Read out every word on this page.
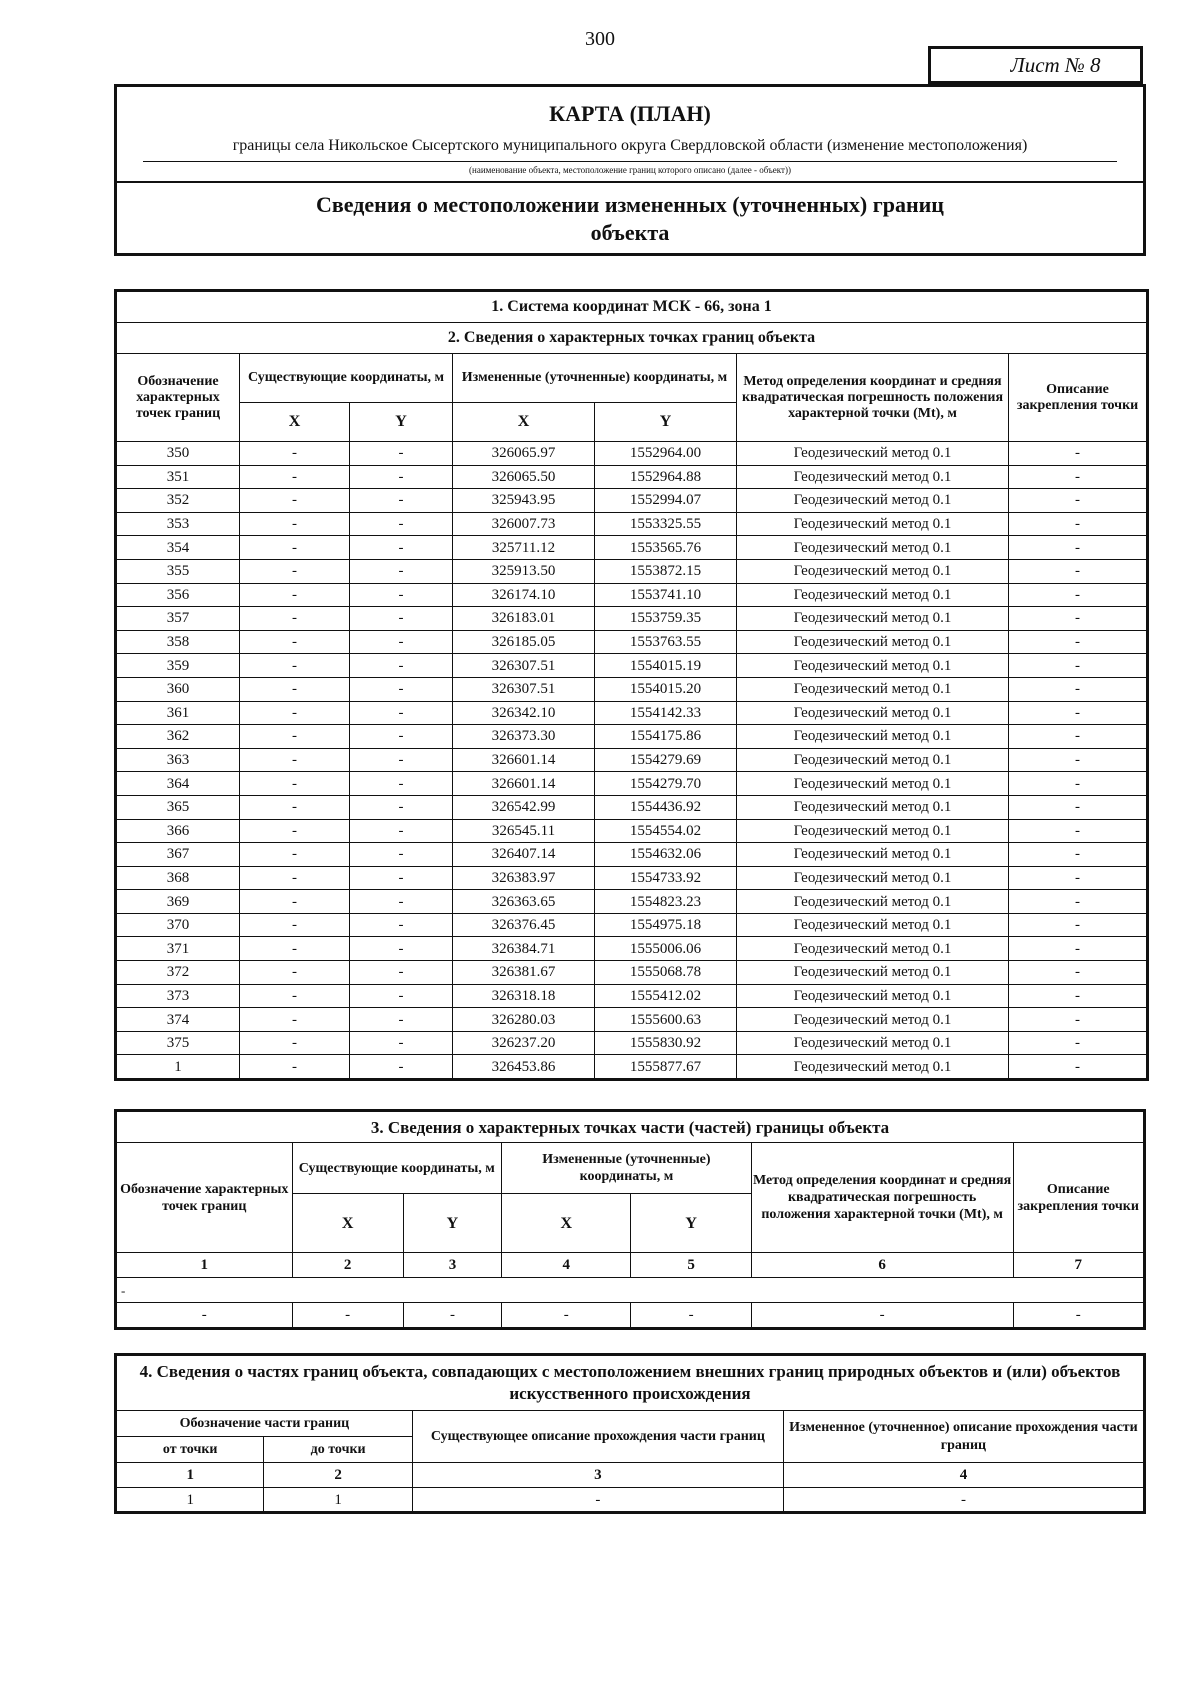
300
Лист № 8
КАРТА (ПЛАН)
границы села Никольское Сысертского муниципального округа Свердловской области (изменение местоположения)
(наименование объекта, местоположение границ которого описано (далее - объект))
Сведения о местоположении измененных (уточненных) границ
объекта
1. Система координат МСК - 66, зона 1						
2. Сведения о характерных точках границ объекта						
Обозначение характерных точек границ	Существующие координаты, м		Измененные (уточненные) координаты, м		Метод определения координат и средняя квадратическая погрешность положения характерной точки (Mt), м	Описание закрепления точки
	X	Y	X	Y		
350	-	-	326065.97	1552964.00	Геодезический метод 0.1	-
351	-	-	326065.50	1552964.88	Геодезический метод 0.1	-
352	-	-	325943.95	1552994.07	Геодезический метод 0.1	-
353	-	-	326007.73	1553325.55	Геодезический метод 0.1	-
354	-	-	325711.12	1553565.76	Геодезический метод 0.1	-
355	-	-	325913.50	1553872.15	Геодезический метод 0.1	-
356	-	-	326174.10	1553741.10	Геодезический метод 0.1	-
357	-	-	326183.01	1553759.35	Геодезический метод 0.1	-
358	-	-	326185.05	1553763.55	Геодезический метод 0.1	-
359	-	-	326307.51	1554015.19	Геодезический метод 0.1	-
360	-	-	326307.51	1554015.20	Геодезический метод 0.1	-
361	-	-	326342.10	1554142.33	Геодезический метод 0.1	-
362	-	-	326373.30	1554175.86	Геодезический метод 0.1	-
363	-	-	326601.14	1554279.69	Геодезический метод 0.1	-
364	-	-	326601.14	1554279.70	Геодезический метод 0.1	-
365	-	-	326542.99	1554436.92	Геодезический метод 0.1	-
366	-	-	326545.11	1554554.02	Геодезический метод 0.1	-
367	-	-	326407.14	1554632.06	Геодезический метод 0.1	-
368	-	-	326383.97	1554733.92	Геодезический метод 0.1	-
369	-	-	326363.65	1554823.23	Геодезический метод 0.1	-
370	-	-	326376.45	1554975.18	Геодезический метод 0.1	-
371	-	-	326384.71	1555006.06	Геодезический метод 0.1	-
372	-	-	326381.67	1555068.78	Геодезический метод 0.1	-
373	-	-	326318.18	1555412.02	Геодезический метод 0.1	-
374	-	-	326280.03	1555600.63	Геодезический метод 0.1	-
375	-	-	326237.20	1555830.92	Геодезический метод 0.1	-
1	-	-	326453.86	1555877.67	Геодезический метод 0.1	-
3. Сведения о характерных точках части (частей) границы объекта						
Обозначение характерных точек границ	Существующие координаты, м		Измененные (уточненные) координаты, м		Метод определения координат и средняя квадратическая погрешность положения характерной точки (Mt), м	Описание закрепления точки
	X	Y	X	Y		
1	2	3	4	5	6	7
-						
-	-	-	-	-	-	-
4. Сведения о частях границ объекта, совпадающих с местоположением внешних границ природных объектов и (или) объектов искусственного происхождения			
Обозначение части границ		Существующее описание прохождения части границ	Измененное (уточненное) описание прохождения части границ
от точки	до точки		
1	2	3	4
1	1	-	-
